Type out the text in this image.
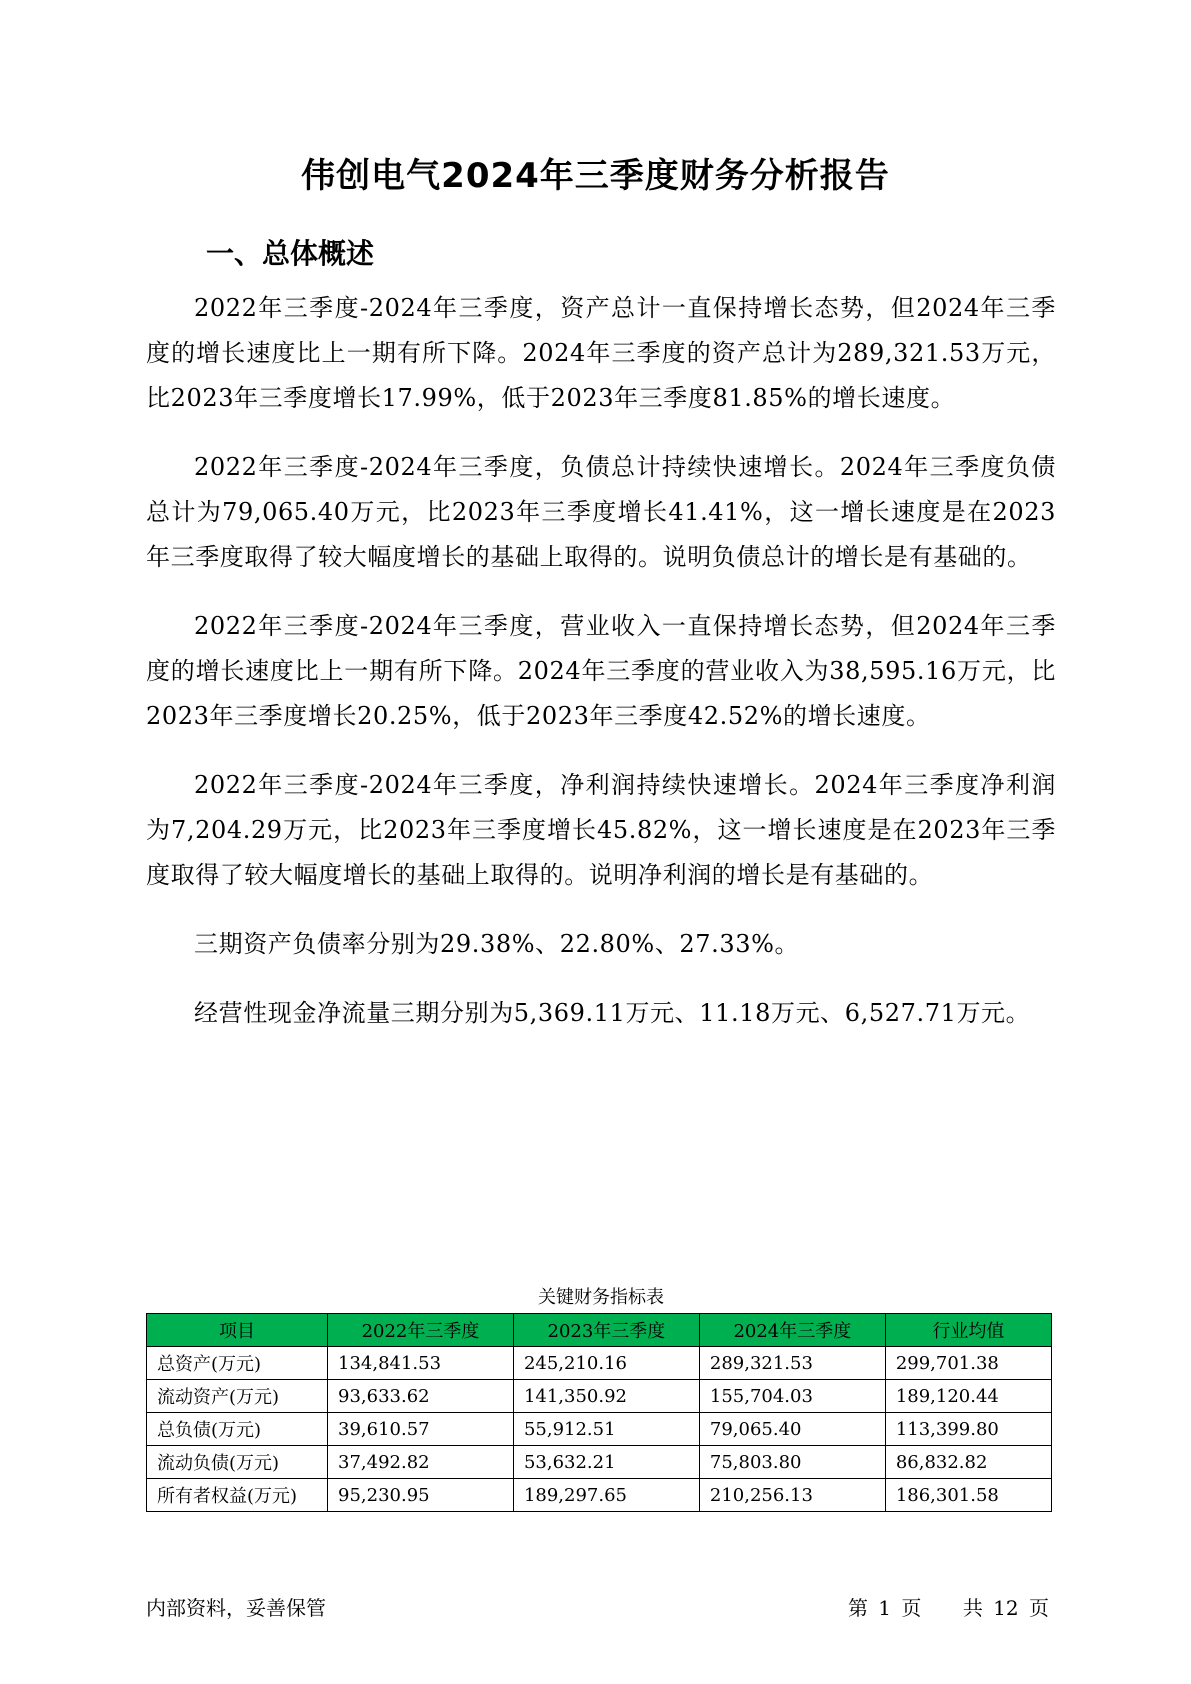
伟创电气2024年三季度财务分析报告
一、总体概述

2022年三季度-2024年三季度，资产总计一直保持增长态势，但2024年三季度的增长速度比上一期有所下降。2024年三季度的资产总计为289,321.53万元，比2023年三季度增长17.99%，低于2023年三季度81.85%的增长速度。

2022年三季度-2024年三季度，负债总计持续快速增长。2024年三季度负债总计为79,065.40万元，比2023年三季度增长41.41%，这一增长速度是在2023年三季度取得了较大幅度增长的基础上取得的。说明负债总计的增长是有基础的。

2022年三季度-2024年三季度，营业收入一直保持增长态势，但2024年三季度的增长速度比上一期有所下降。2024年三季度的营业收入为38,595.16万元，比2023年三季度增长20.25%，低于2023年三季度42.52%的增长速度。

2022年三季度-2024年三季度，净利润持续快速增长。2024年三季度净利润为7,204.29万元，比2023年三季度增长45.82%，这一增长速度是在2023年三季度取得了较大幅度增长的基础上取得的。说明净利润的增长是有基础的。

三期资产负债率分别为29.38%、22.80%、27.33%。

经营性现金净流量三期分别为5,369.11万元、11.18万元、6,527.71万元。

关键财务指标表
项目	2022年三季度	2023年三季度	2024年三季度	行业均值
总资产(万元)	134,841.53	245,210.16	289,321.53	299,701.38
流动资产(万元)	93,633.62	141,350.92	155,704.03	189,120.44
总负债(万元)	39,610.57	55,912.51	79,065.40	113,399.80
流动负债(万元)	37,492.82	53,632.21	75,803.80	86,832.82
所有者权益(万元)	95,230.95	189,297.65	210,256.13	186,301.58
内部资料，妥善保管	第 1 页 共 12 页
